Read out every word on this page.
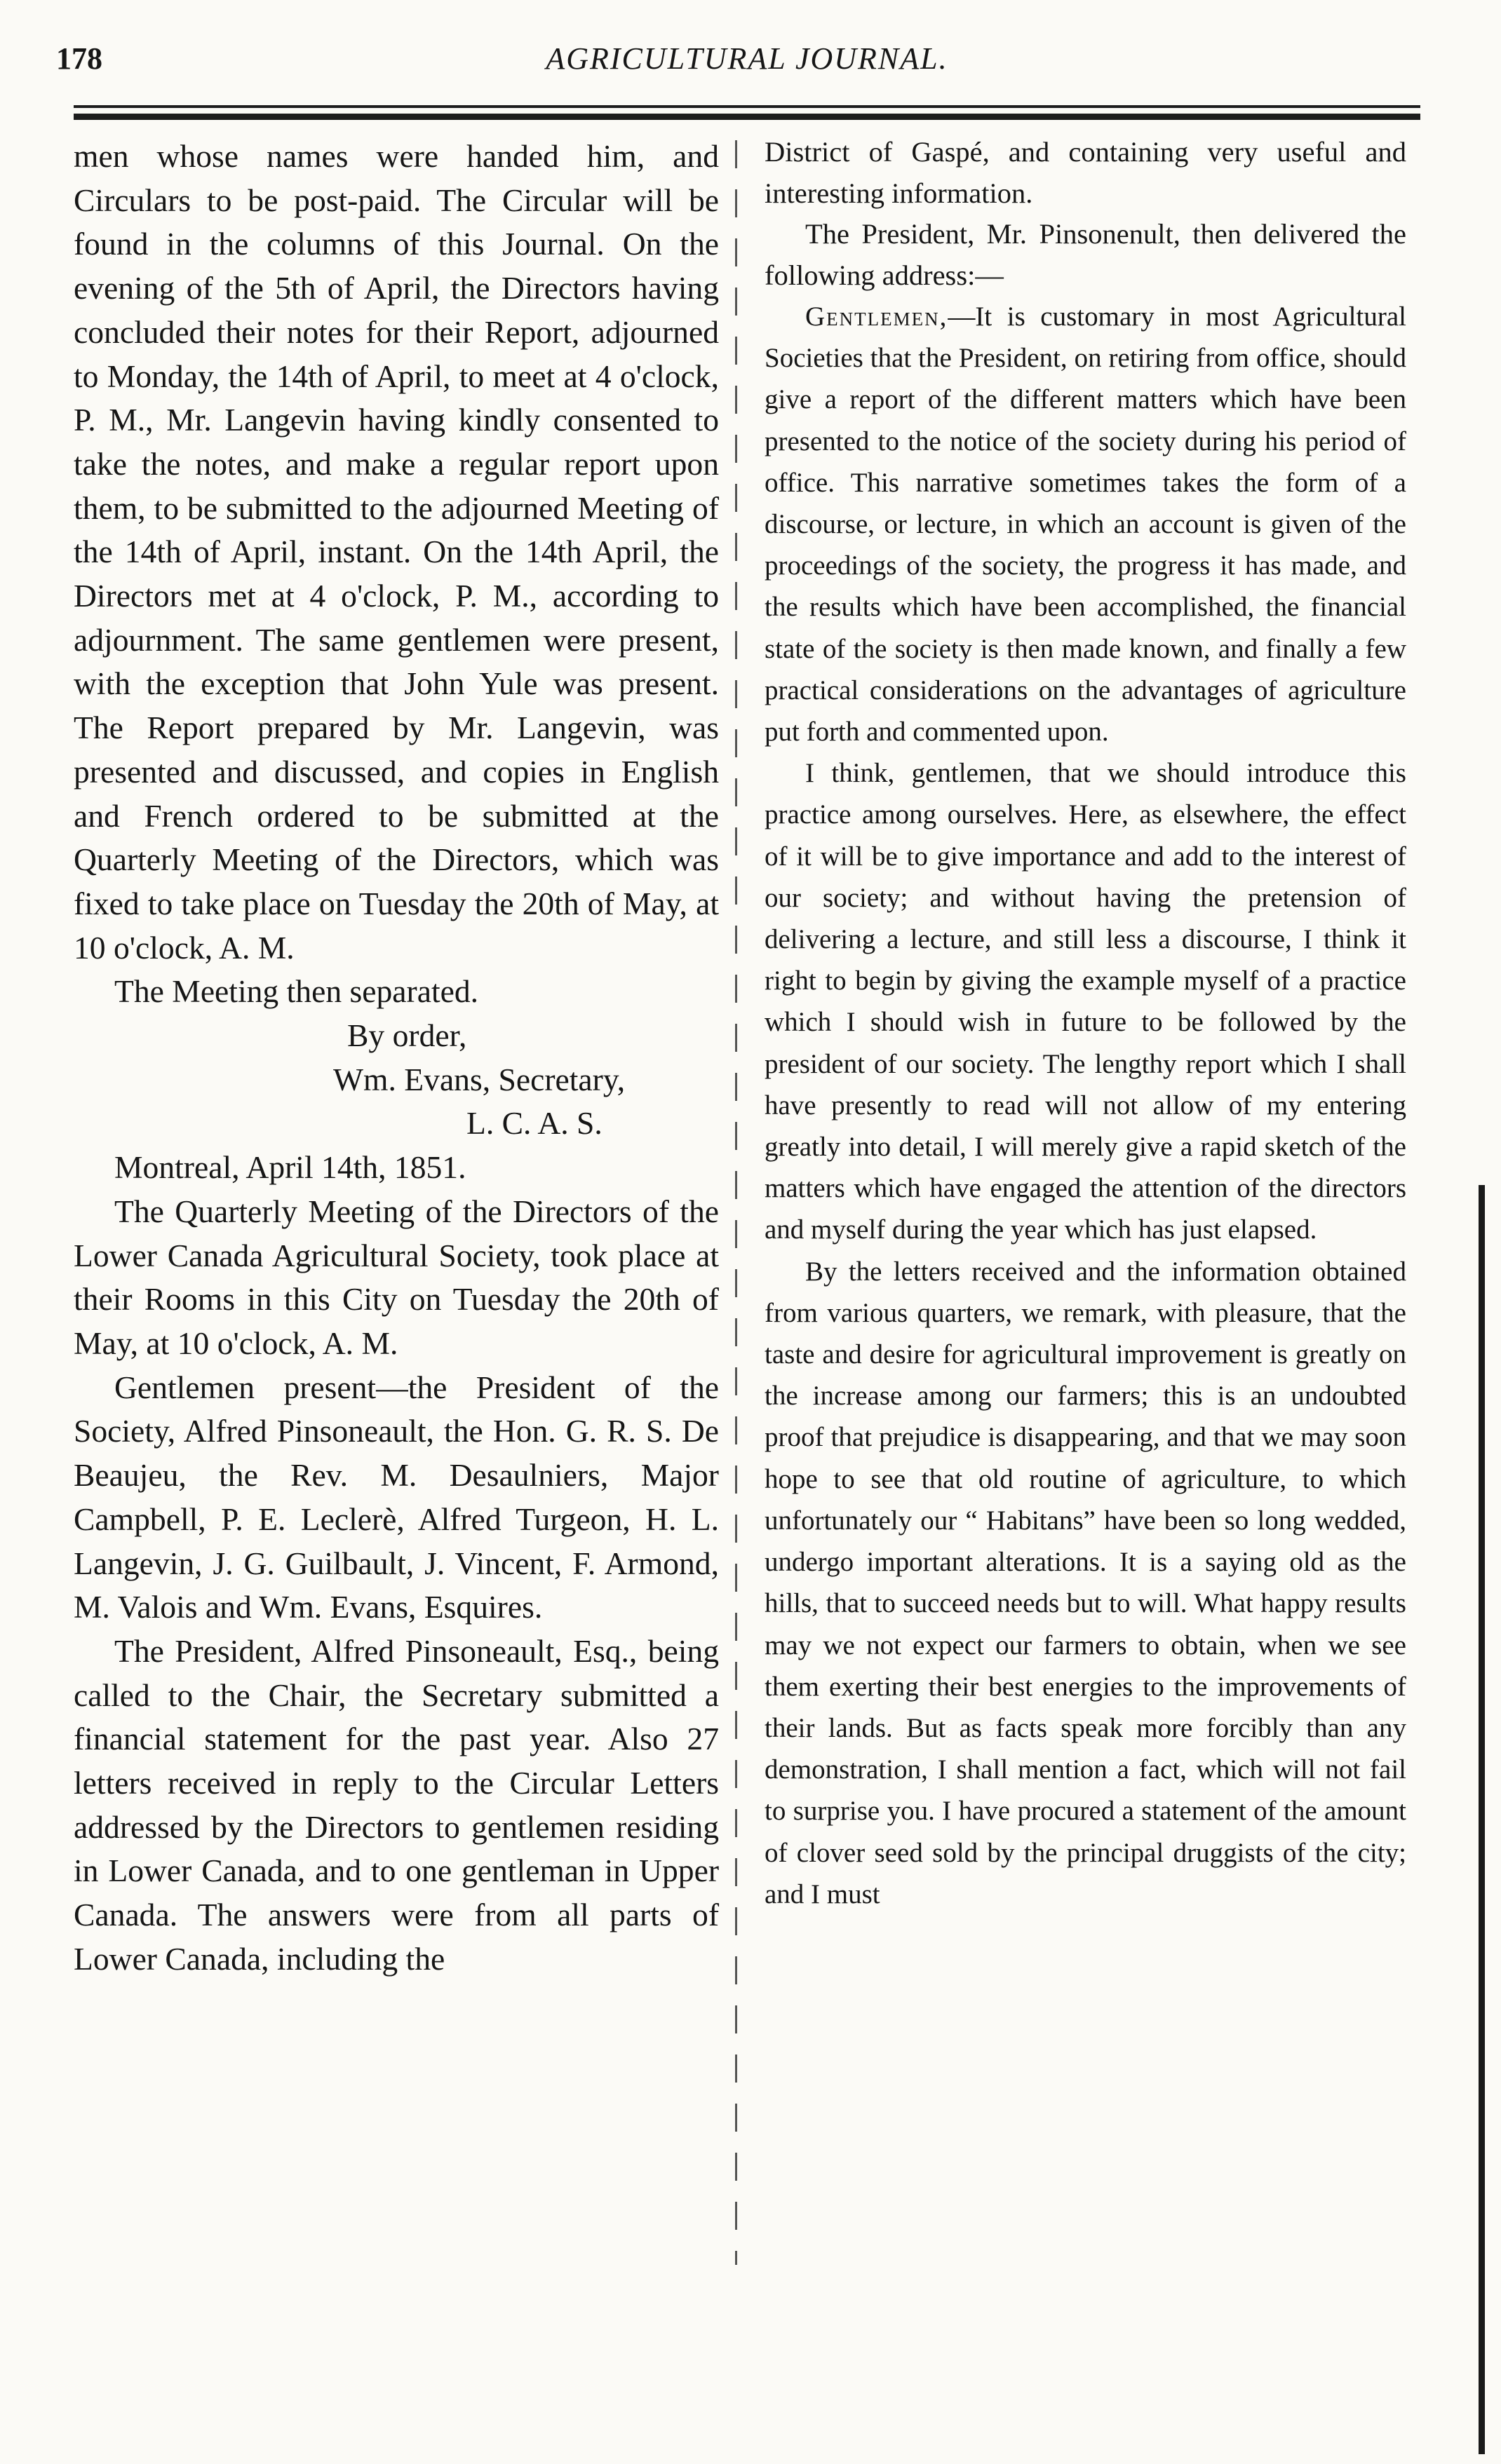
178	AGRICULTURAL JOURNAL.

men whose names were handed him, and Circulars to be post-paid. The Circular will be found in the columns of this Journal. On the evening of the 5th of April, the Directors having concluded their notes for their Report, adjourned to Monday, the 14th of April, to meet at 4 o'clock, P. M., Mr. Langevin having kindly consented to take the notes, and make a regular report upon them, to be submitted to the adjourned Meeting of the 14th of April, instant. On the 14th April, the Directors met at 4 o'clock, P. M., according to adjournment. The same gentlemen were present, with the exception that John Yule was present. The Report prepared by Mr. Langevin, was presented and discussed, and copies in English and French ordered to be submitted at the Quarterly Meeting of the Directors, which was fixed to take place on Tuesday the 20th of May, at 10 o'clock, A. M.

The Meeting then separated.

By order,

Wm. Evans, Secretary,

L. C. A. S.

Montreal, April 14th, 1851.

The Quarterly Meeting of the Directors of the Lower Canada Agricultural Society, took place at their Rooms in this City on Tuesday the 20th of May, at 10 o'clock, A. M.

Gentlemen present—the President of the Society, Alfred Pinsoneault, the Hon. G. R. S. De Beaujeu, the Rev. M. Desaulniers, Major Campbell, P. E. Leclerè, Alfred Turgeon, H. L. Langevin, J. G. Guilbault, J. Vincent, F. Armond, M. Valois and Wm. Evans, Esquires.

The President, Alfred Pinsoneault, Esq., being called to the Chair, the Secretary submitted a financial statement for the past year. Also 27 letters received in reply to the Circular Letters addressed by the Directors to gentlemen residing in Lower Canada, and to one gentleman in Upper Canada. The answers were from all parts of Lower Canada, including the

District of Gaspé, and containing very useful and interesting information.

The President, Mr. Pinsonenult, then delivered the following address:—

Gentlemen,—It is customary in most Agricultural Societies that the President, on retiring from office, should give a report of the different matters which have been presented to the notice of the society during his period of office. This narrative sometimes takes the form of a discourse, or lecture, in which an account is given of the proceedings of the society, the progress it has made, and the results which have been accomplished, the financial state of the society is then made known, and finally a few practical considerations on the advantages of agriculture put forth and commented upon.

I think, gentlemen, that we should introduce this practice among ourselves. Here, as elsewhere, the effect of it will be to give importance and add to the interest of our society; and without having the pretension of delivering a lecture, and still less a discourse, I think it right to begin by giving the example myself of a practice which I should wish in future to be followed by the president of our society. The lengthy report which I shall have presently to read will not allow of my entering greatly into detail, I will merely give a rapid sketch of the matters which have engaged the attention of the directors and myself during the year which has just elapsed.

By the letters received and the information obtained from various quarters, we remark, with pleasure, that the taste and desire for agricultural improvement is greatly on the increase among our farmers; this is an undoubted proof that prejudice is disappearing, and that we may soon hope to see that old routine of agriculture, to which unfortunately our “ Habitans” have been so long wedded, undergo important alterations. It is a saying old as the hills, that to succeed needs but to will. What happy results may we not expect our farmers to obtain, when we see them exerting their best energies to the improvements of their lands. But as facts speak more forcibly than any demonstration, I shall mention a fact, which will not fail to surprise you. I have procured a statement of the amount of clover seed sold by the principal druggists of the city; and I must
